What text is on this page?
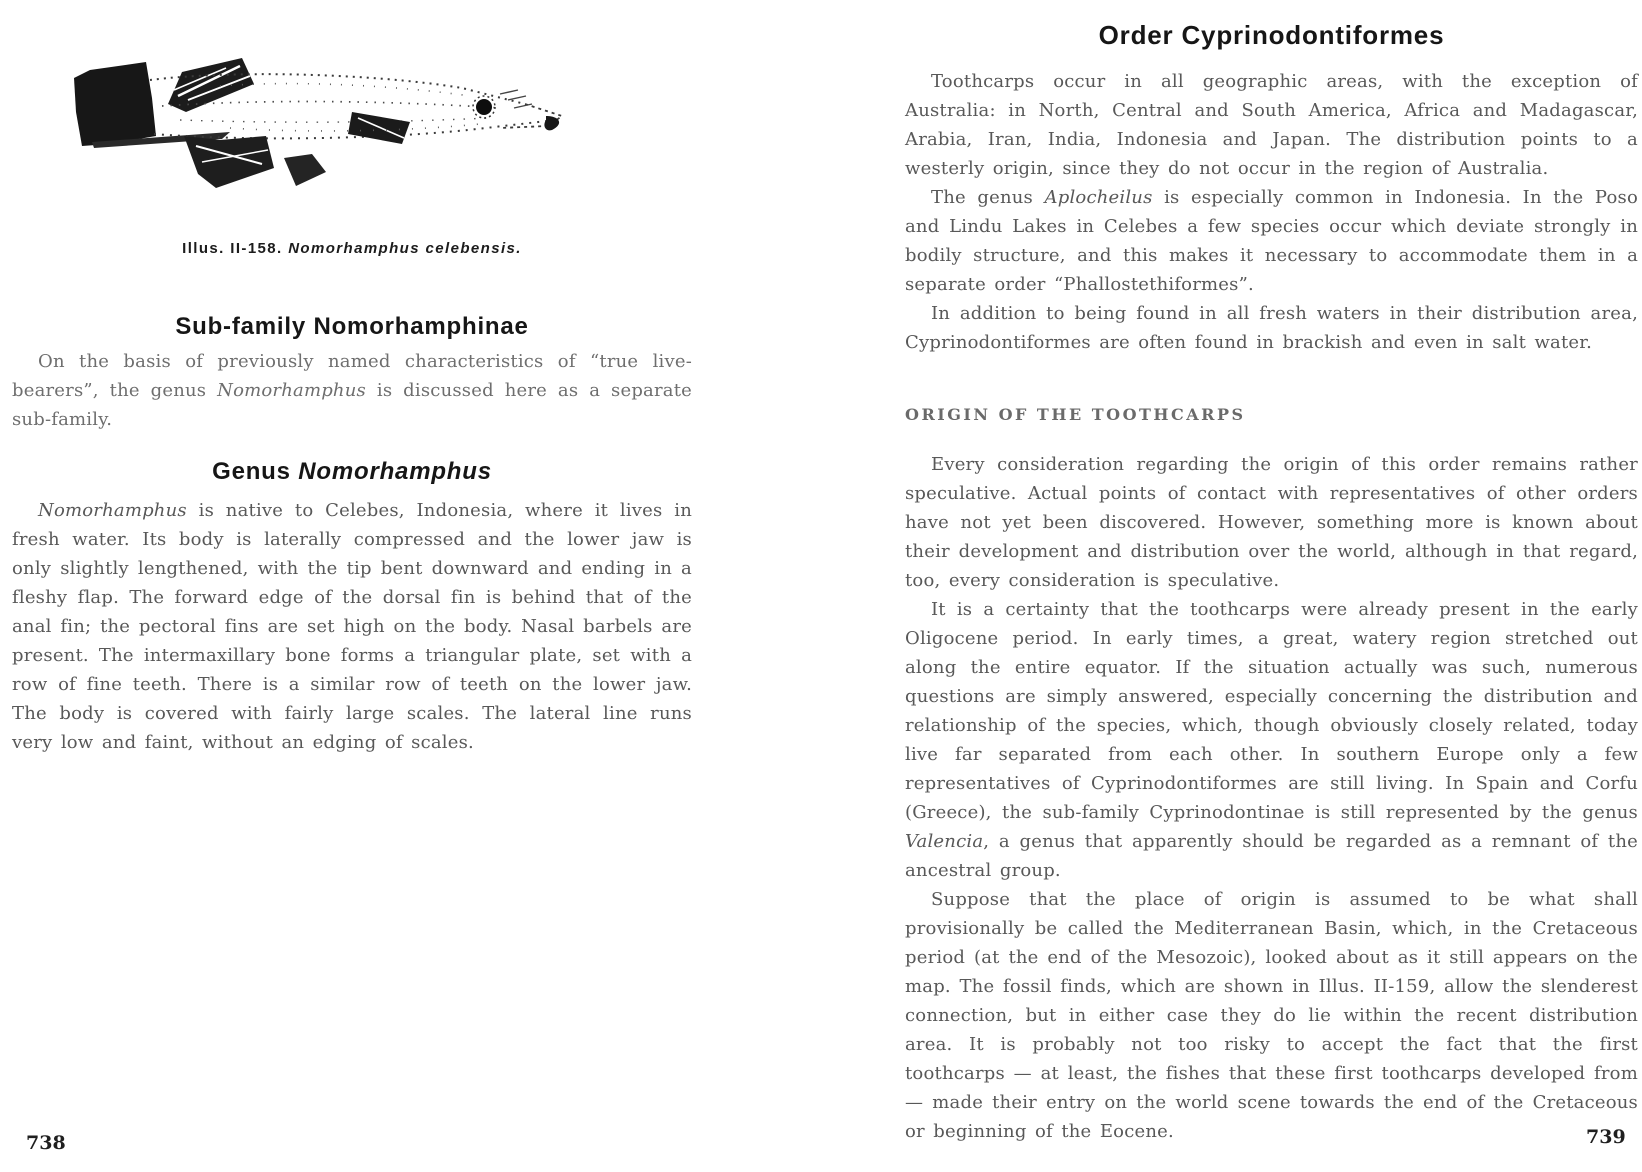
Illus. II-158. Nomorhamphus celebensis.
Sub-family Nomorhamphinae

On the basis of previously named characteristics of “true live-bearers”, the genus Nomorhamphus is discussed here as a separate sub-family.

Genus Nomorhamphus

Nomorhamphus is native to Celebes, Indonesia, where it lives in fresh water. Its body is laterally compressed and the lower jaw is only slightly lengthened, with the tip bent downward and ending in a fleshy flap. The forward edge of the dorsal fin is behind that of the anal fin; the pectoral fins are set high on the body. Nasal barbels are present. The intermaxillary bone forms a triangular plate, set with a row of fine teeth. There is a similar row of teeth on the lower jaw. The body is covered with fairly large scales. The lateral line runs very low and faint, without an edging of scales.

Order Cyprinodontiformes

Toothcarps occur in all geographic areas, with the exception of Australia: in North, Central and South America, Africa and Madagascar, Arabia, Iran, India, Indonesia and Japan. The distribution points to a westerly origin, since they do not occur in the region of Australia.

The genus Aplocheilus is especially common in Indonesia. In the Poso and Lindu Lakes in Celebes a few species occur which deviate strongly in bodily structure, and this makes it necessary to accommodate them in a separate order “Phallostethiformes”.

In addition to being found in all fresh waters in their distribution area, Cyprinodontiformes are often found in brackish and even in salt water.

ORIGIN OF THE TOOTHCARPS

Every consideration regarding the origin of this order remains rather speculative. Actual points of contact with representatives of other orders have not yet been discovered. However, something more is known about their development and distribution over the world, although in that regard, too, every consideration is speculative.

It is a certainty that the toothcarps were already present in the early Oligocene period. In early times, a great, watery region stretched out along the entire equator. If the situation actually was such, numerous questions are simply answered, especially concerning the distribution and relationship of the species, which, though obviously closely related, today live far separated from each other. In southern Europe only a few representatives of Cyprinodontiformes are still living. In Spain and Corfu (Greece), the sub-family Cyprinodontinae is still represented by the genus Valencia, a genus that apparently should be regarded as a remnant of the ancestral group.

Suppose that the place of origin is assumed to be what shall provisionally be called the Mediterranean Basin, which, in the Cretaceous period (at the end of the Mesozoic), looked about as it still appears on the map. The fossil finds, which are shown in Illus. II-159, allow the slenderest connection, but in either case they do lie within the recent distribution area. It is probably not too risky to accept the fact that the first toothcarps — at least, the fishes that these first toothcarps developed from — made their entry on the world scene towards the end of the Cretaceous or beginning of the Eocene.

738	739
